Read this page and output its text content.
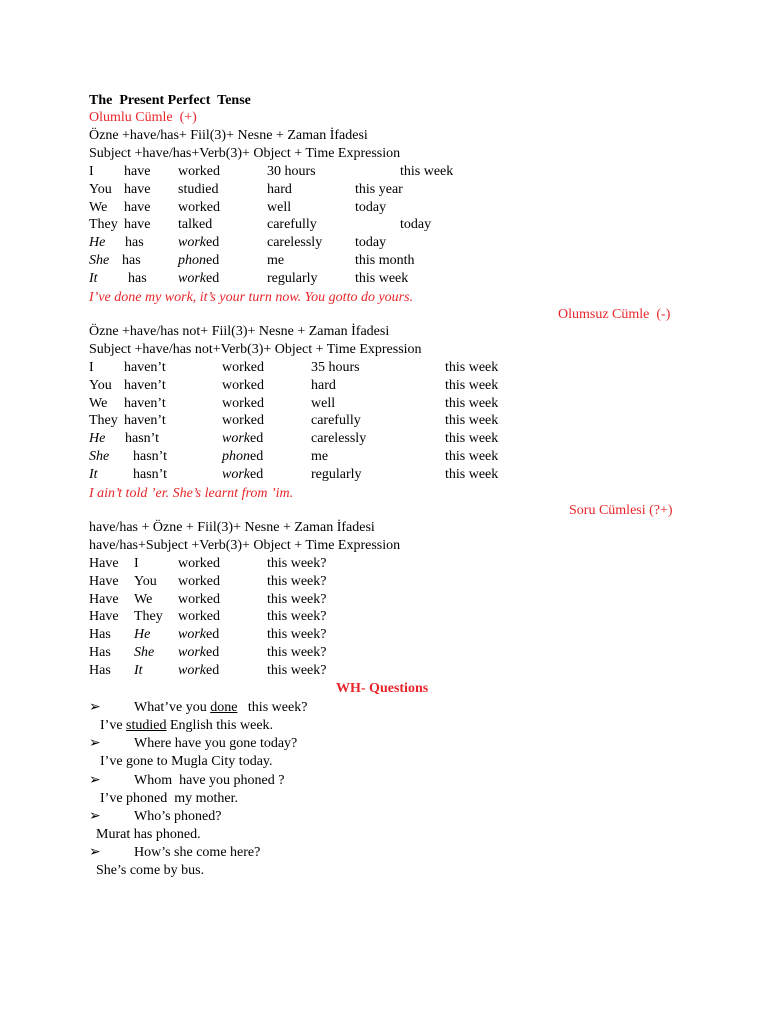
The  Present Perfect  Tense
Olumlu Cümle  (+)
Özne +have/has+ Fiil(3)+ Nesne + Zaman İfadesi
Subject +have/has+Verb(3)+ Object + Time Expression
I have worked	30 hours	this week
You have studied	hard	this year
We have worked	well	today
They have talked	carefully	today
He has worked	carelessly today
She has	phoned	me	this month
It has worked	regularly	this week
I’ve done my work, it’s your turn now. You gotto do yours.
Olumsuz Cümle  (-)
Özne +have/has not+ Fiil(3)+ Nesne + Zaman İfadesi
Subject +have/has not+Verb(3)+ Object + Time Expression
I haven’t	worked	35 hours	this week
You haven’t	worked	hard	this week
We haven’t	worked	well	this week
They haven’t	worked	carefully	this week
He hasn’t	worked	carelessly	this week
She hasn’t	phoned	me	this week
It	hasn’t	worked	regularly	this week
I ain’t told ’er. She’s learnt from ’im.
Soru Cümlesi (?+)
have/has + Özne + Fiil(3)+ Nesne + Zaman İfadesi
have/has+Subject +Verb(3)+ Object + Time Expression
Have I	worked	this week?
Have You worked	this week?
Have We worked	this week?
Have They worked	this week?
Has He worked	this week?
Has She worked	this week?
Has It	worked	this week?
WH- Questions
➢ What’ve you done   this week?
I’ve studied English this week.
➢ Where have you gone today?
I’ve gone to Mugla City today.
➢ Whom  have you phoned ?
I’ve phoned  my mother.
➢ Who’s phoned?
Murat has phoned.
➢ How’s she come here?
She’s come by bus.
